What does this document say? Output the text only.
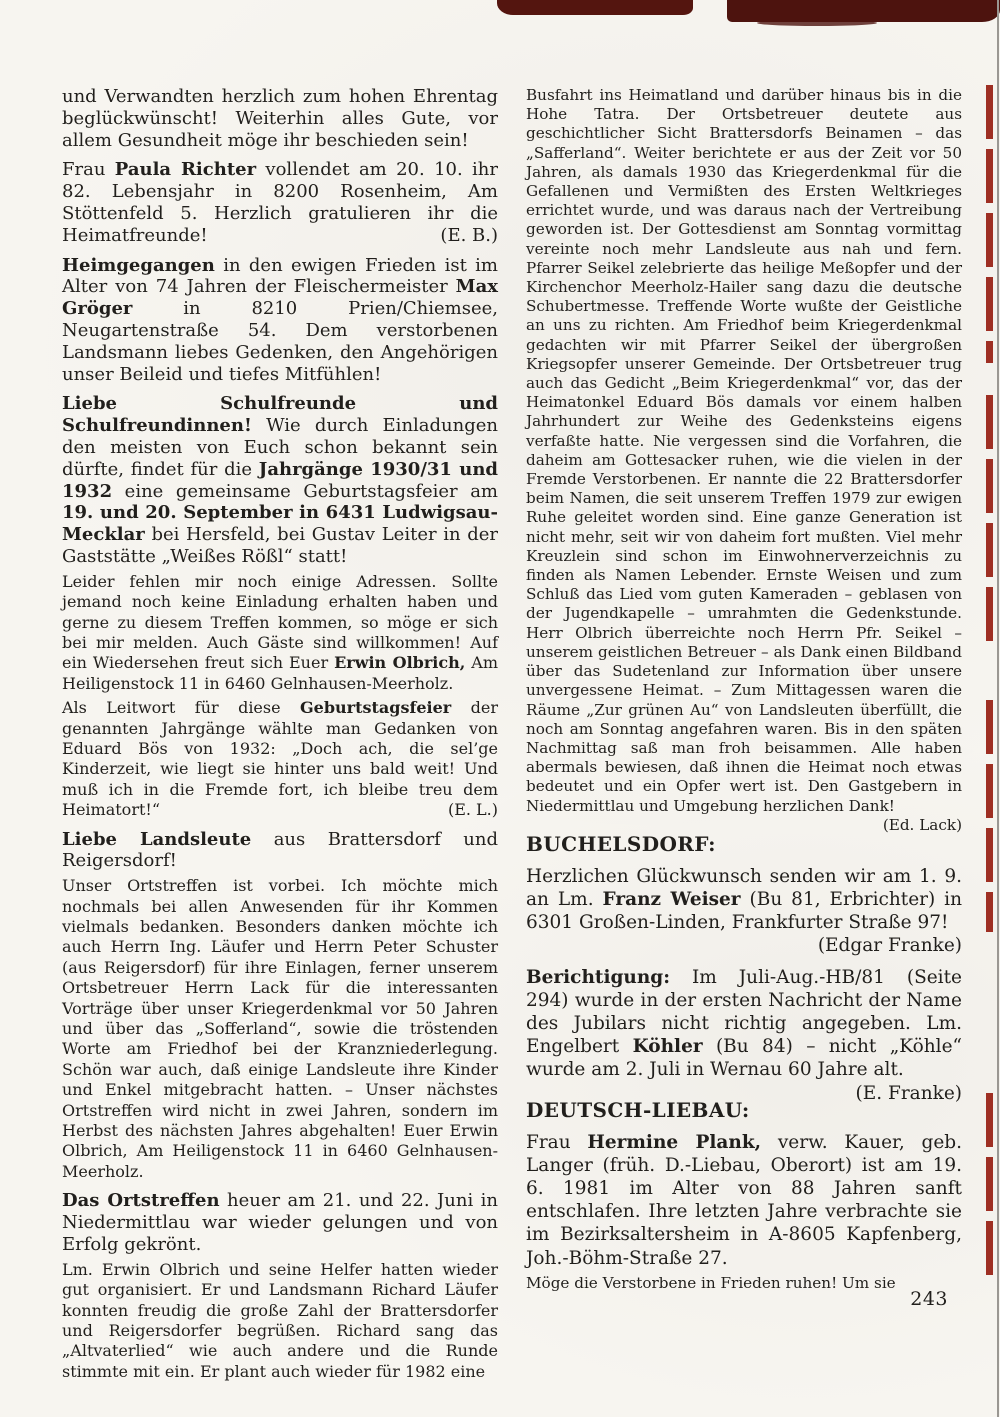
und Verwandten herzlich zum hohen Ehrentag beglückwünscht! Weiterhin alles Gute, vor allem Gesundheit möge ihr beschieden sein!

Frau Paula Richter vollendet am 20. 10. ihr 82. Lebensjahr in 8200 Rosenheim, Am Stöttenfeld 5. Herzlich gratulieren ihr die Heimatfreunde!	(E. B.)

Heimgegangen in den ewigen Frieden ist im Alter von 74 Jahren der Fleischermeister Max Gröger in 8210 Prien/Chiemsee, Neugartenstraße 54. Dem verstorbenen Landsmann liebes Gedenken, den Angehörigen unser Beileid und tiefes Mitfühlen!

Liebe Schulfreunde und Schulfreundinnen! Wie durch Einladungen den meisten von Euch schon bekannt sein dürfte, findet für die Jahrgänge 1930/31 und 1932 eine gemeinsame Geburtstagsfeier am 19. und 20. September in 6431 Ludwigsau-Mecklar bei Hersfeld, bei Gustav Leiter in der Gaststätte „Weißes Rößl“ statt!

Leider fehlen mir noch einige Adressen. Sollte jemand noch keine Einladung erhalten haben und gerne zu diesem Treffen kommen, so möge er sich bei mir melden. Auch Gäste sind willkommen! Auf ein Wiedersehen freut sich Euer Erwin Olbrich, Am Heiligenstock 11 in 6460 Gelnhausen-Meerholz.

Als Leitwort für diese Geburtstagsfeier der genannten Jahrgänge wählte man Gedanken von Eduard Bös von 1932: „Doch ach, die sel’ge Kinderzeit, wie liegt sie hinter uns bald weit! Und muß ich in die Fremde fort, ich bleibe treu dem Heimatort!“	(E. L.)

Liebe Landsleute aus Brattersdorf und Reigersdorf!

Unser Ortstreffen ist vorbei. Ich möchte mich nochmals bei allen Anwesenden für ihr Kommen vielmals bedanken. Besonders danken möchte ich auch Herrn Ing. Läufer und Herrn Peter Schuster (aus Reigersdorf) für ihre Einlagen, ferner unserem Ortsbetreuer Herrn Lack für die interessanten Vorträge über unser Kriegerdenkmal vor 50 Jahren und über das „Sofferland“, sowie die tröstenden Worte am Friedhof bei der Kranzniederlegung. Schön war auch, daß einige Landsleute ihre Kinder und Enkel mitgebracht hatten. – Unser nächstes Ortstreffen wird nicht in zwei Jahren, sondern im Herbst des nächsten Jahres abgehalten! Euer Erwin Olbrich, Am Heiligenstock 11 in 6460 Gelnhausen-Meerholz.

Das Ortstreffen heuer am 21. und 22. Juni in Niedermittlau war wieder gelungen und von Erfolg gekrönt.

Lm. Erwin Olbrich und seine Helfer hatten wieder gut organisiert. Er und Landsmann Richard Läufer konnten freudig die große Zahl der Brattersdorfer und Reigersdorfer begrüßen. Richard sang das „Altvaterlied“ wie auch andere und die Runde stimmte mit ein. Er plant auch wieder für 1982 eine

Busfahrt ins Heimatland und darüber hinaus bis in die Hohe Tatra. Der Ortsbetreuer deutete aus geschichtlicher Sicht Brattersdorfs Beinamen – das „Safferland“. Weiter berichtete er aus der Zeit vor 50 Jahren, als damals 1930 das Kriegerdenkmal für die Gefallenen und Vermißten des Ersten Weltkrieges errichtet wurde, und was daraus nach der Vertreibung geworden ist. Der Gottesdienst am Sonntag vormittag vereinte noch mehr Landsleute aus nah und fern. Pfarrer Seikel zelebrierte das heilige Meßopfer und der Kirchenchor Meerholz-Hailer sang dazu die deutsche Schubertmesse. Treffende Worte wußte der Geistliche an uns zu richten. Am Friedhof beim Kriegerdenkmal gedachten wir mit Pfarrer Seikel der übergroßen Kriegsopfer unserer Gemeinde. Der Ortsbetreuer trug auch das Gedicht „Beim Kriegerdenkmal“ vor, das der Heimatonkel Eduard Bös damals vor einem halben Jahrhundert zur Weihe des Gedenksteins eigens verfaßte hatte. Nie vergessen sind die Vorfahren, die daheim am Gottesacker ruhen, wie die vielen in der Fremde Verstorbenen. Er nannte die 22 Brattersdorfer beim Namen, die seit unserem Treffen 1979 zur ewigen Ruhe geleitet worden sind. Eine ganze Generation ist nicht mehr, seit wir von daheim fort mußten. Viel mehr Kreuzlein sind schon im Einwohnerverzeichnis zu finden als Namen Lebender. Ernste Weisen und zum Schluß das Lied vom guten Kameraden – geblasen von der Jugendkapelle – umrahmten die Gedenkstunde. Herr Olbrich überreichte noch Herrn Pfr. Seikel – unserem geistlichen Betreuer – als Dank einen Bildband über das Sudetenland zur Information über unsere unvergessene Heimat. – Zum Mittagessen waren die Räume „Zur grünen Au“ von Landsleuten überfüllt, die noch am Sonntag angefahren waren. Bis in den späten Nachmittag saß man froh beisammen. Alle haben abermals bewiesen, daß ihnen die Heimat noch etwas bedeutet und ein Opfer wert ist. Den Gastgebern in Niedermittlau und Umgebung herzlichen Dank!
(Ed. Lack)

BUCHELSDORF:

Herzlichen Glückwunsch senden wir am 1. 9. an Lm. Franz Weiser (Bu 81, Erbrichter) in 6301 Großen-Linden, Frankfurter Straße 97!
(Edgar Franke)

Berichtigung: Im Juli-Aug.-HB/81 (Seite 294) wurde in der ersten Nachricht der Name des Jubilars nicht richtig angegeben. Lm. Engelbert Köhler (Bu 84) – nicht „Köhle“ wurde am 2. Juli in Wernau 60 Jahre alt.
(E. Franke)

DEUTSCH-LIEBAU:

Frau Hermine Plank, verw. Kauer, geb. Langer (früh. D.-Liebau, Oberort) ist am 19. 6. 1981 im Alter von 88 Jahren sanft entschlafen. Ihre letzten Jahre verbrachte sie im Bezirksaltersheim in A-8605 Kapfenberg, Joh.-Böhm-Straße 27.

Möge die Verstorbene in Frieden ruhen! Um sie

243
